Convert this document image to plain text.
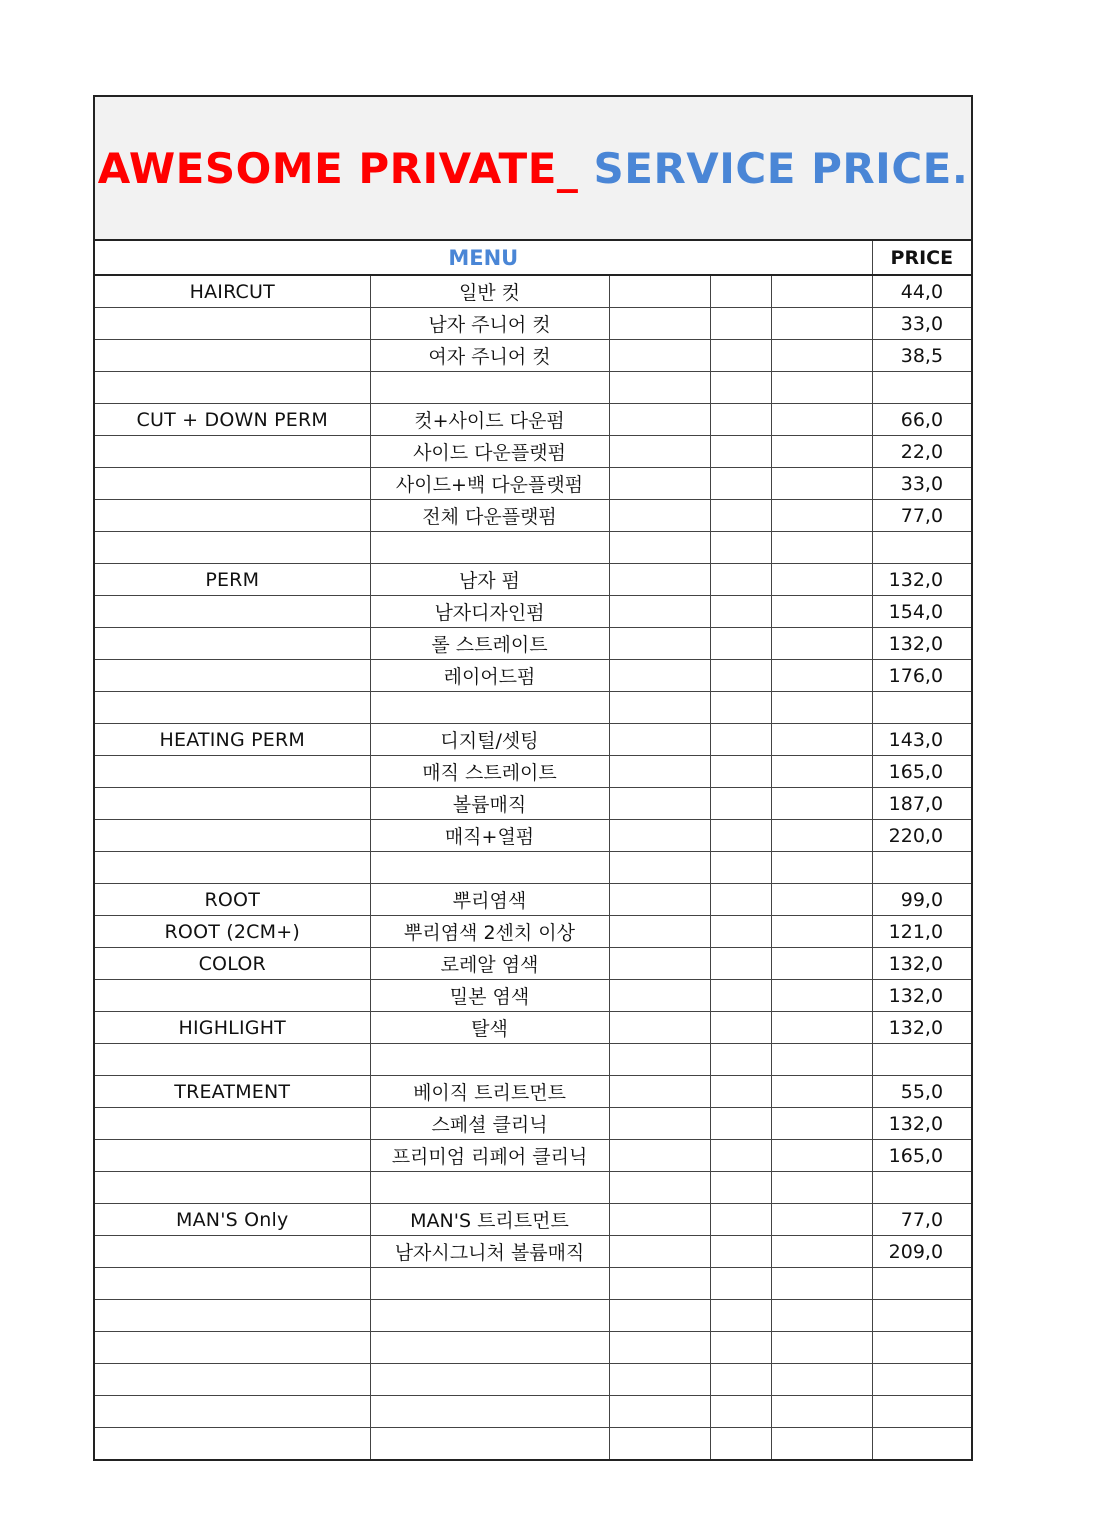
AWESOME PRIVATE_ SERVICE PRICE.
MENU					PRICE
HAIRCUT	일반 컷				44,0
	남자 주니어 컷				33,0
	여자 주니어 컷				38,5

CUT + DOWN PERM	컷+사이드 다운펌				66,0
	사이드 다운플랫펌				22,0
	사이드+백 다운플랫펌				33,0
	전체 다운플랫펌				77,0

PERM	남자 펌				132,0
	남자디자인펌				154,0
	롤 스트레이트				132,0
	레이어드펌				176,0

HEATING PERM	디지털/셋팅				143,0
	매직 스트레이트				165,0
	볼륨매직				187,0
	매직+열펌				220,0

ROOT	뿌리염색				99,0
ROOT (2CM+)	뿌리염색 2센치 이상				121,0
COLOR	로레알 염색				132,0
	밀본 염색				132,0
HIGHLIGHT	탈색				132,0

TREATMENT	베이직 트리트먼트				55,0
	스페셜 클리닉				132,0
	프리미엄 리페어 클리닉				165,0

MAN'S Only	MAN'S 트리트먼트				77,0
	남자시그니처 볼륨매직				209,0
